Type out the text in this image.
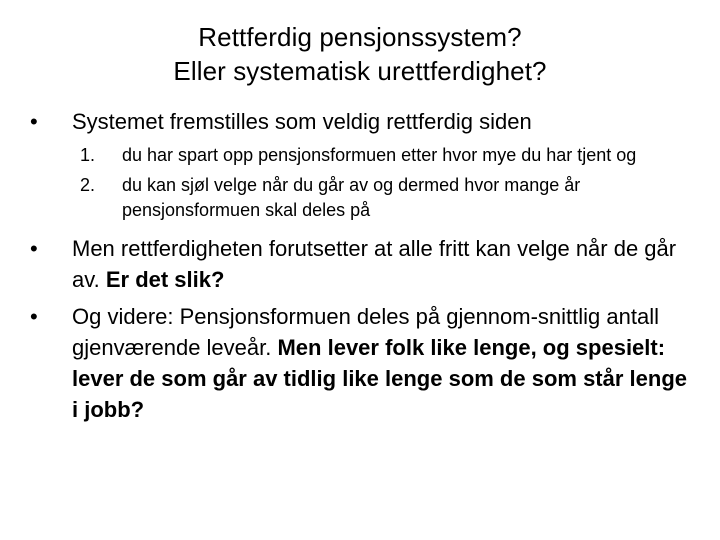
Rettferdig pensjonssystem?
Eller systematisk urettferdighet?
•	Systemet fremstilles som veldig rettferdig siden
1. du har spart opp pensjonsformuen etter hvor mye du har tjent og
2. du kan sjøl velge når du går av og dermed hvor mange år pensjonsformuen skal deles på
•	Men rettferdigheten forutsetter at alle fritt kan velge når de går av. Er det slik?
•	Og videre: Pensjonsformuen deles på gjennom-snittlig antall gjenværende leveår. Men lever folk like lenge, og spesielt: lever de som går av tidlig like lenge som de som står lenge i jobb?
